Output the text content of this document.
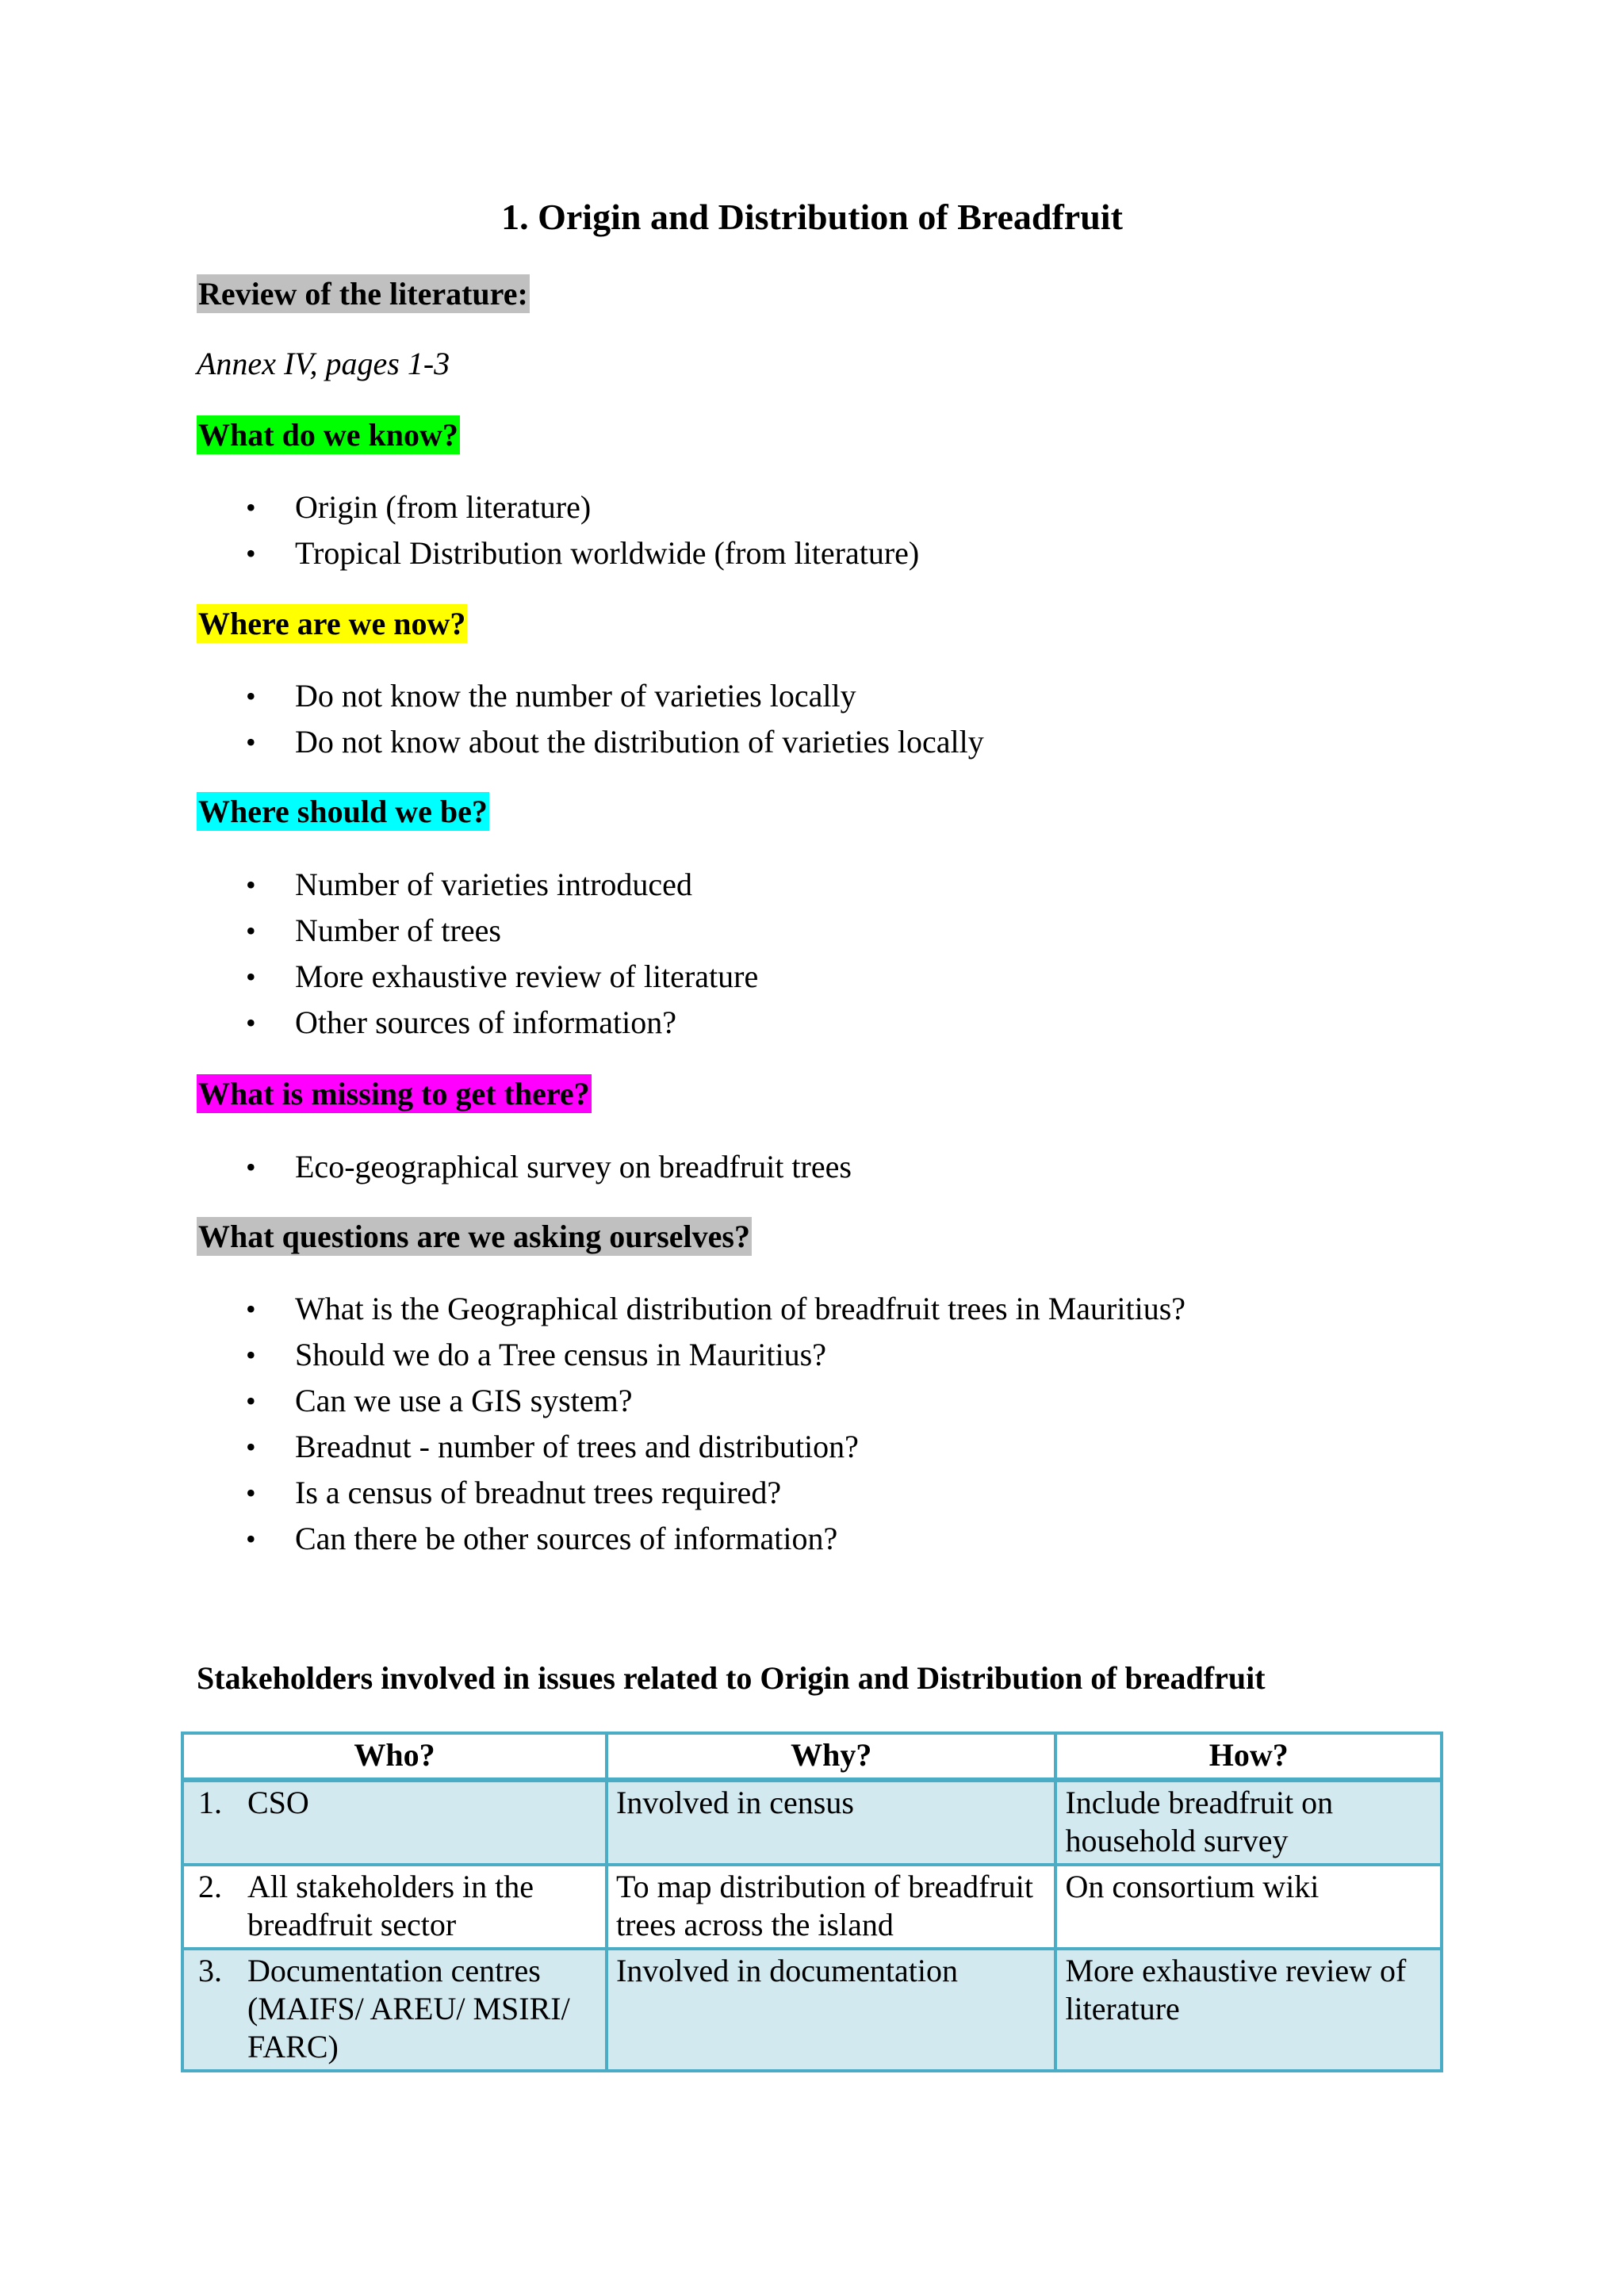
1. Origin and Distribution of Breadfruit

Review of the literature:

Annex IV, pages 1-3

What do we know?

• Origin (from literature)
• Tropical Distribution worldwide (from literature)

Where are we now?

• Do not know the number of varieties locally
• Do not know about the distribution of varieties locally

Where should we be?

• Number of varieties introduced
• Number of trees
• More exhaustive review of literature
• Other sources of information?

What is missing to get there?

• Eco-geographical survey on breadfruit trees

What questions are we asking ourselves?

• What is the Geographical distribution of breadfruit trees in Mauritius?
• Should we do a Tree census in Mauritius?
• Can we use a GIS system?
• Breadnut - number of trees and distribution?
• Is a census of breadnut trees required?
• Can there be other sources of information?

Stakeholders involved in issues related to Origin and Distribution of breadfruit

Who?	Why?	How?

1. CSO	Involved in census	Include breadfruit on household survey

2. All stakeholders in the breadfruit sector	To map distribution of breadfruit trees across the island	On consortium wiki

3. Documentation centres (MAIFS/ AREU/ MSIRI/ FARC)	Involved in documentation	More exhaustive review of literature
